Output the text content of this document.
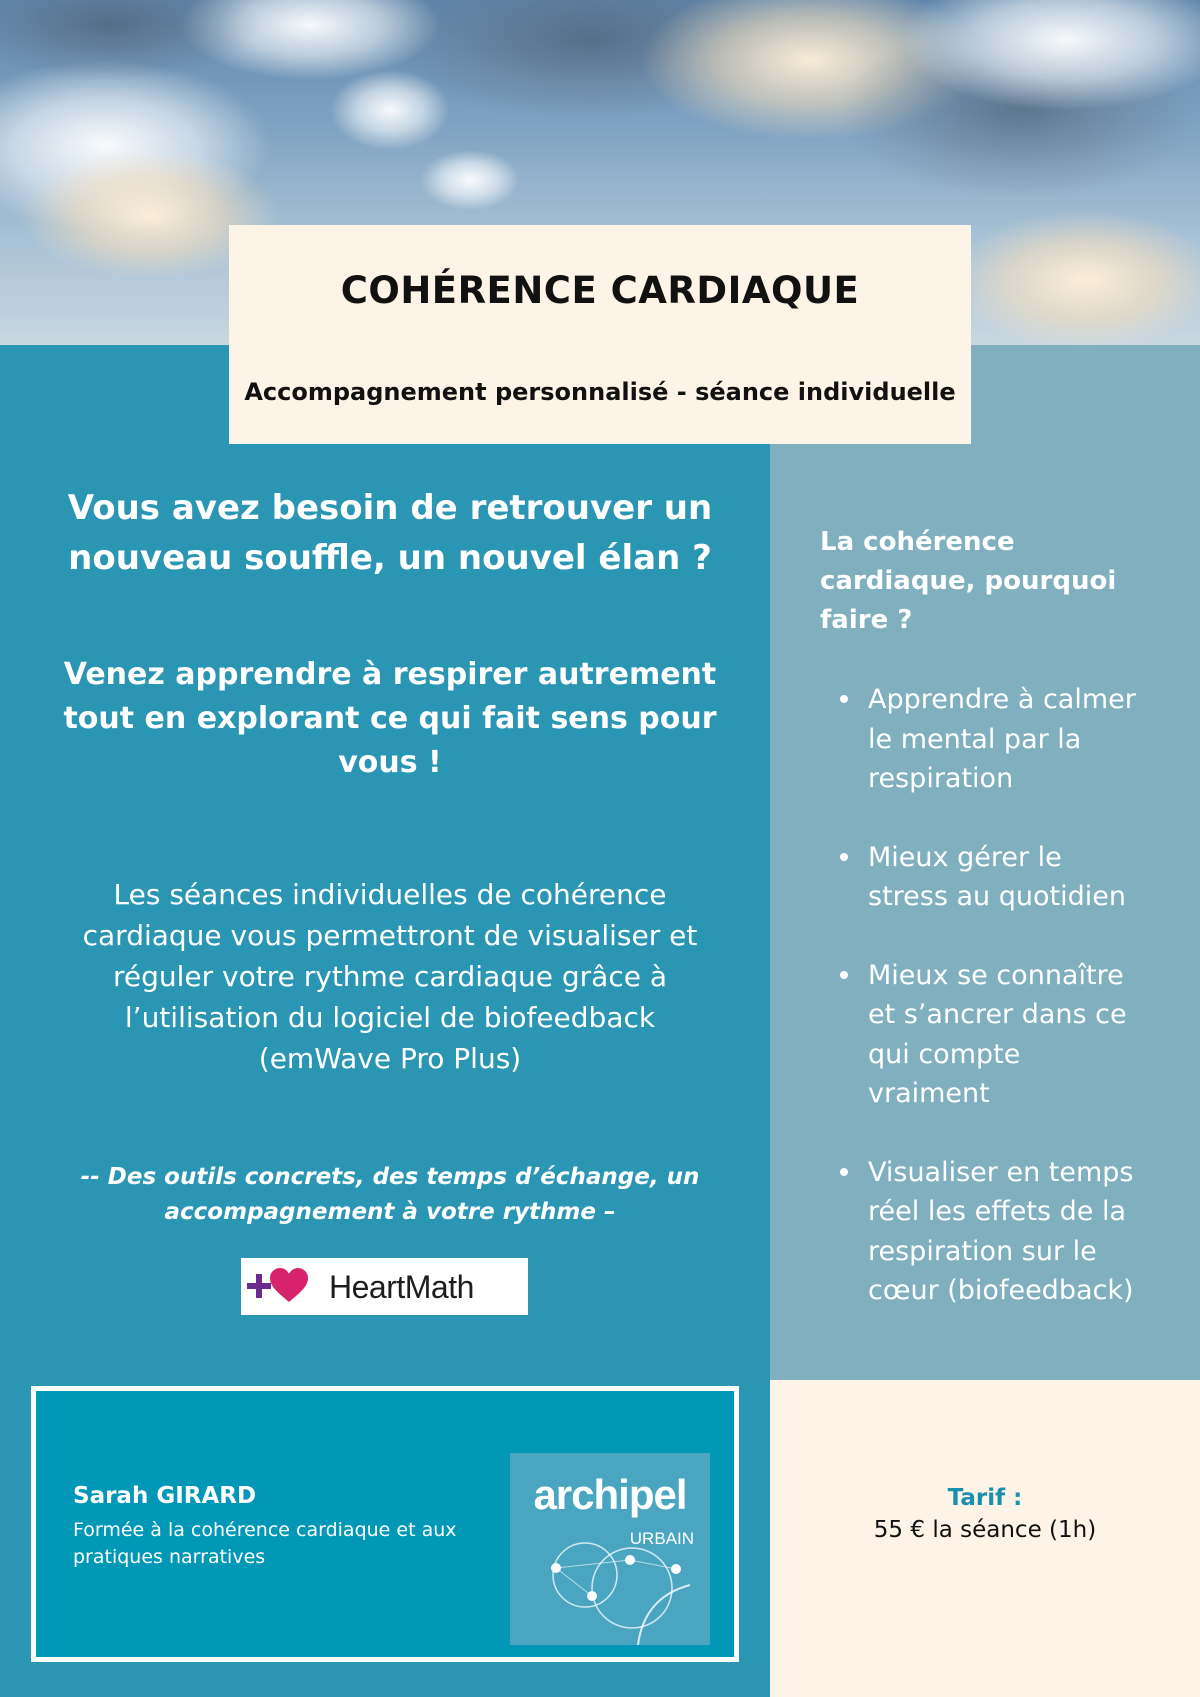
COHÉRENCE CARDIAQUE
Accompagnement personnalisé - séance individuelle
Vous avez besoin de retrouver un nouveau souffle, un nouvel élan ?
Venez apprendre à respirer autrement tout en explorant ce qui fait sens pour vous !
Les séances individuelles de cohérence cardiaque vous permettront de visualiser et réguler votre rythme cardiaque grâce à l’utilisation du logiciel de biofeedback (emWave Pro Plus)
-- Des outils concrets, des temps d’échange, un accompagnement à votre rythme –
HeartMath
La cohérence cardiaque, pourquoi faire ?
Apprendre à calmer le mental par la respiration
Mieux gérer le stress au quotidien
Mieux se connaître et s’ancrer dans ce qui compte vraiment
Visualiser en temps réel les effets de la respiration sur le cœur (biofeedback)
Sarah GIRARD
Formée à la cohérence cardiaque et aux pratiques narratives
archipel
URBAIN
Tarif :
55 € la séance (1h)
